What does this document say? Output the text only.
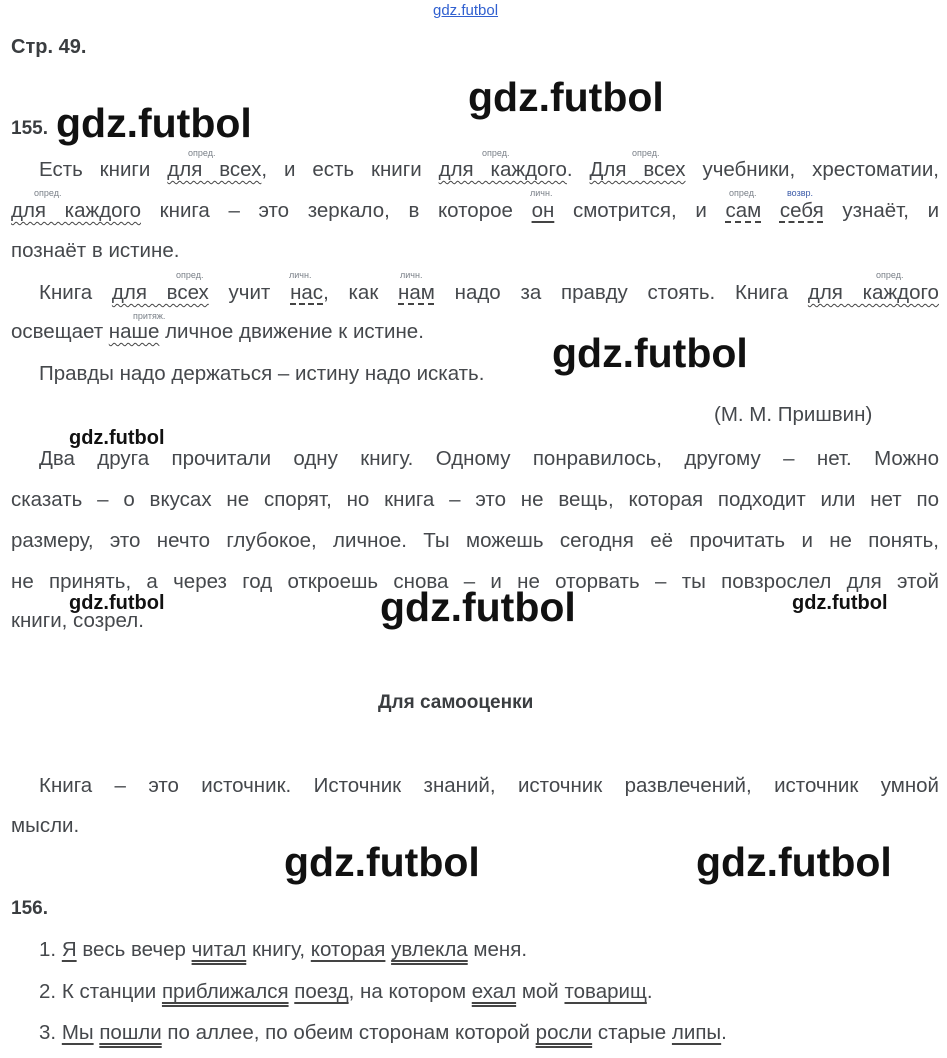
gdz.futbol
Стр. 49.
gdz.futbol
155. gdz.futbol
опред.	опред.	опред.
Есть книги для всех, и есть книги для каждого. Для всех учебники, хрестоматии,
опред.	личн.	опред.	возвр.
для каждого книга – это зеркало, в которое он смотрится, и сам себя узнаёт, и
познаёт в истине.
опред.	личн.	личн.	опред.
Книга для всех учит нас, как нам надо за правду стоять. Книга для каждого
притяж.
освещает наше личное движение к истине.
Правды надо держаться – истину надо искать. gdz.futbol
(М. М. Пришвин)
gdz.futbol
Два друга прочитали одну книгу. Одному понравилось, другому – нет. Можно
сказать – о вкусах не спорят, но книга – это не вещь, которая подходит или нет по
размеру, это нечто глубокое, личное. Ты можешь сегодня её прочитать и не понять,
не принять, а через год откроешь снова – и не оторвать – ты повзрослел для этой
книги, созрел.
gdz.futbol	gdz.futbol	gdz.futbol
Для самооценки
Книга – это источник. Источник знаний, источник развлечений, источник умной
мысли.
gdz.futbol	gdz.futbol
156.
1. Я весь вечер читал книгу, которая увлекла меня.
2. К станции приближался поезд, на котором ехал мой товарищ.
3. Мы пошли по аллее, по обеим сторонам которой росли старые липы.
